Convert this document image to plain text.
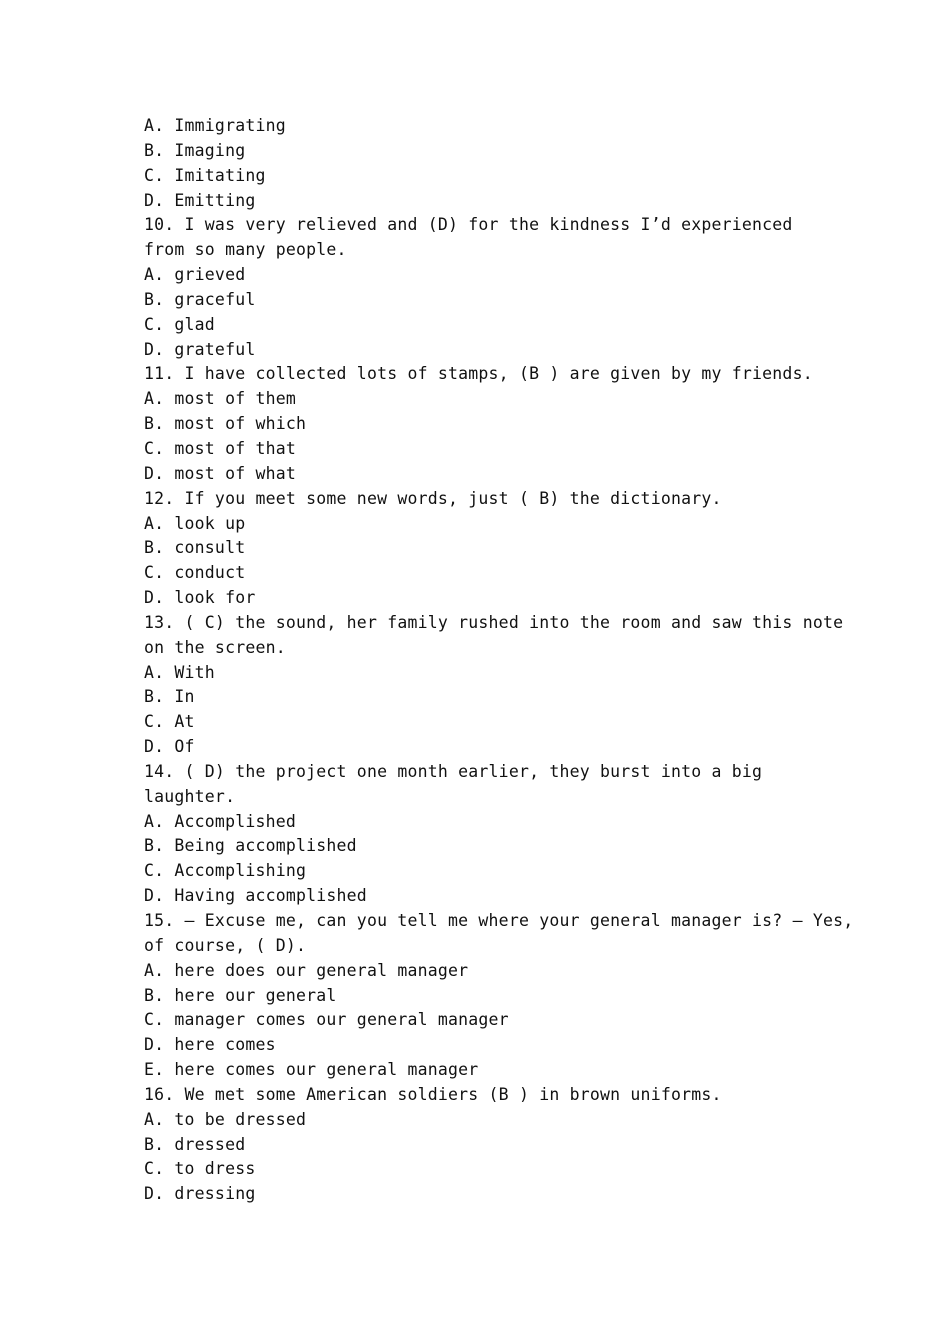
A. Immigrating
B. Imaging
C. Imitating
D. Emitting
10. I was very relieved and (D) for the kindness I’d experienced
from so many people.
A. grieved
B. graceful
C. glad
D. grateful
11. I have collected lots of stamps, (B ) are given by my friends.
A. most of them
B. most of which
C. most of that
D. most of what
12. If you meet some new words, just ( B) the dictionary.
A. look up
B. consult
C. conduct
D. look for
13. ( C) the sound, her family rushed into the room and saw this note
on the screen.
A. With
B. In
C. At
D. Of
14. ( D) the project one month earlier, they burst into a big
laughter.
A. Accomplished
B. Being accomplished
C. Accomplishing
D. Having accomplished
15. — Excuse me, can you tell me where your general manager is? — Yes,
of course, ( D).
A. here does our general manager
B. here our general
C. manager comes our general manager
D. here comes
E. here comes our general manager
16. We met some American soldiers (B ) in brown uniforms.
A. to be dressed
B. dressed
C. to dress
D. dressing
